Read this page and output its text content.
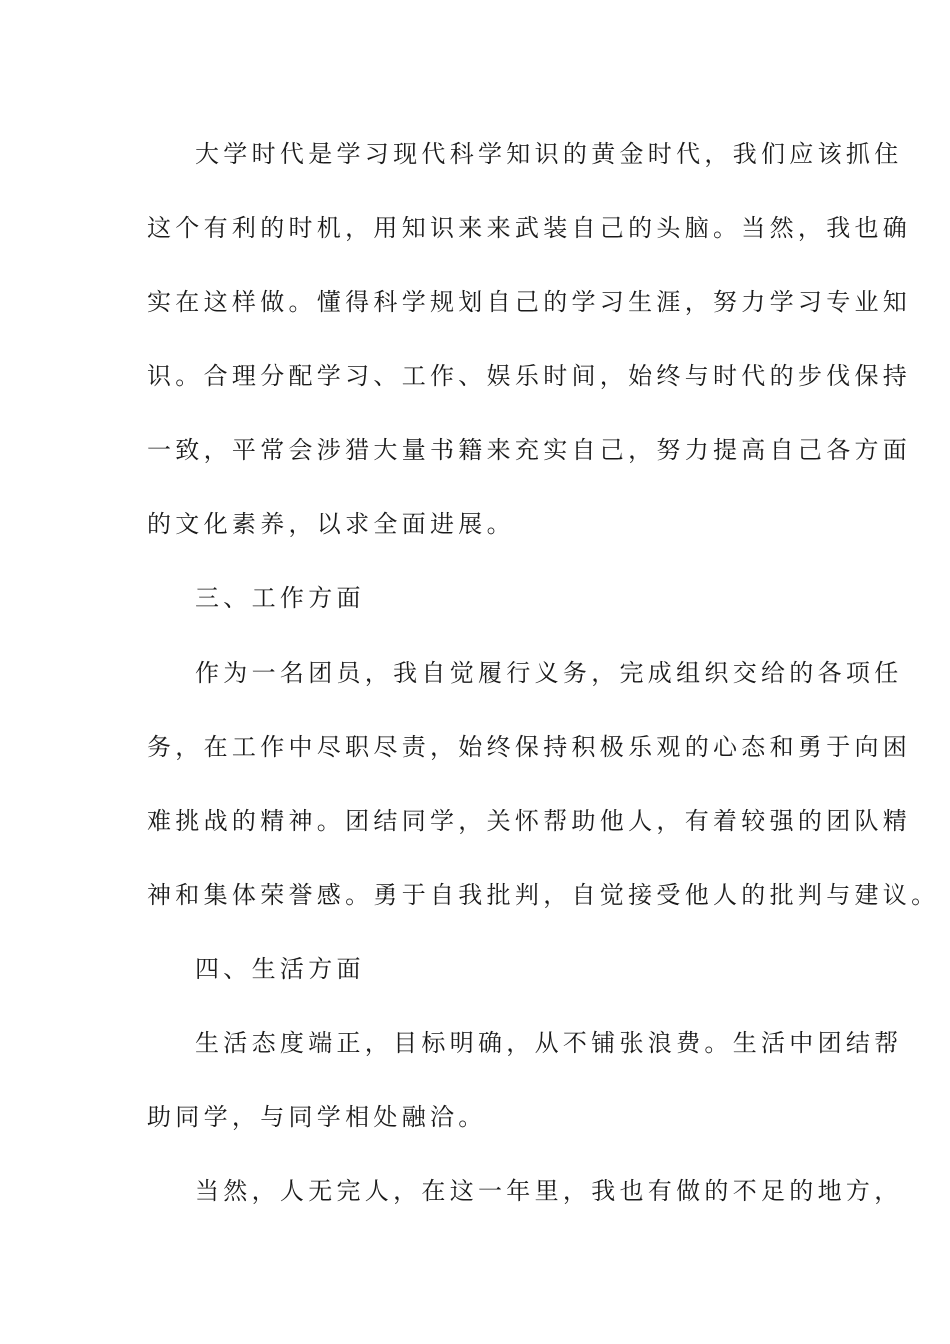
大学时代是学习现代科学知识的黄金时代，我们应该抓住
这个有利的时机，用知识来来武装自己的头脑。当然，我也确
实在这样做。懂得科学规划自己的学习生涯，努力学习专业知
识。合理分配学习、工作、娱乐时间，始终与时代的步伐保持
一致，平常会涉猎大量书籍来充实自己，努力提高自己各方面
的文化素养，以求全面进展。
三、工作方面
作为一名团员，我自觉履行义务，完成组织交给的各项任
务，在工作中尽职尽责，始终保持积极乐观的心态和勇于向困
难挑战的精神。团结同学，关怀帮助他人，有着较强的团队精
神和集体荣誉感。勇于自我批判，自觉接受他人的批判与建议。
四、生活方面
生活态度端正，目标明确，从不铺张浪费。生活中团结帮
助同学，与同学相处融洽。
当然，人无完人，在这一年里，我也有做的不足的地方，
